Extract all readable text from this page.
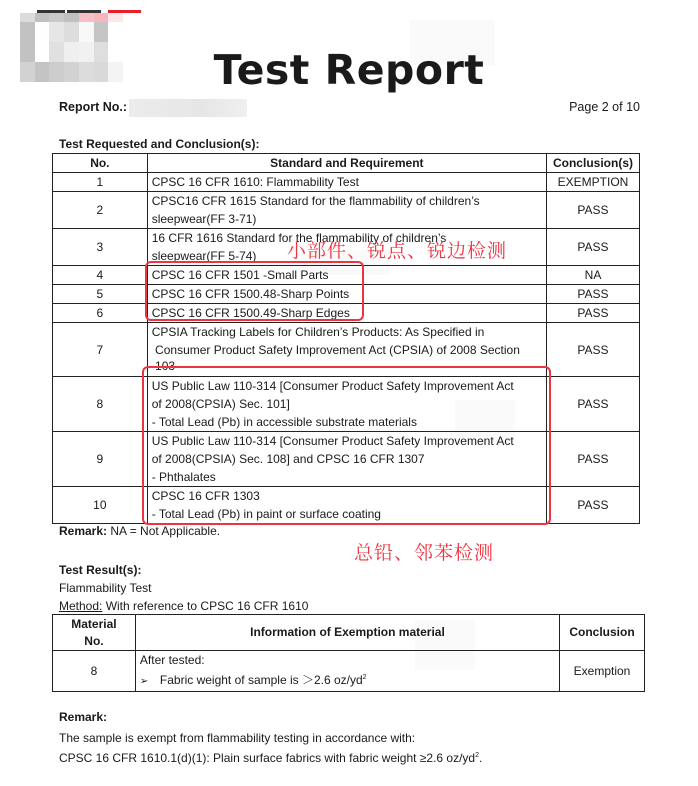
Test Report
Report No.:	Page 2 of 10
Test Requested and Conclusion(s):
No.	Standard and Requirement	Conclusion(s)
1	CPSC 16 CFR 1610: Flammability Test	EXEMPTION
2	CPSC16 CFR 1615 Standard for the flammability of children’s
sleepwear(FF 3-71)	PASS
3	16 CFR 1616 Standard for the flammability of children’s
sleepwear(FF 5-74)	PASS
4	CPSC 16 CFR 1501 -Small Parts	NA
5	CPSC 16 CFR 1500.48-Sharp Points	PASS
6	CPSC 16 CFR 1500.49-Sharp Edges	PASS
7	CPSIA Tracking Labels for Children’s Products: As Specified in
Consumer Product Safety Improvement Act (CPSIA) of 2008 Section
103	PASS
8	US Public Law 110-314 [Consumer Product Safety Improvement Act
of 2008(CPSIA) Sec. 101]
- Total Lead (Pb) in accessible substrate materials	PASS
9	US Public Law 110-314 [Consumer Product Safety Improvement Act
of 2008(CPSIA) Sec. 108] and CPSC 16 CFR 1307
- Phthalates	PASS
10	CPSC 16 CFR 1303
- Total Lead (Pb) in paint or surface coating	PASS
小部件、锐点、锐边检测
总铅、邻苯检测
Remark: NA = Not Applicable.
Test Result(s):
Flammability Test
Method: With reference to CPSC 16 CFR 1610
Material
No.	Information of Exemption material	Conclusion
8	After tested:
➢ Fabric weight of sample is ＞2.6 $oz/yd^2$	Exemption
Remark:
The sample is exempt from flammability testing in accordance with:
CPSC 16 CFR 1610.1(d)(1): Plain surface fabrics with fabric weight ≥2.6 $oz/yd^2$.
